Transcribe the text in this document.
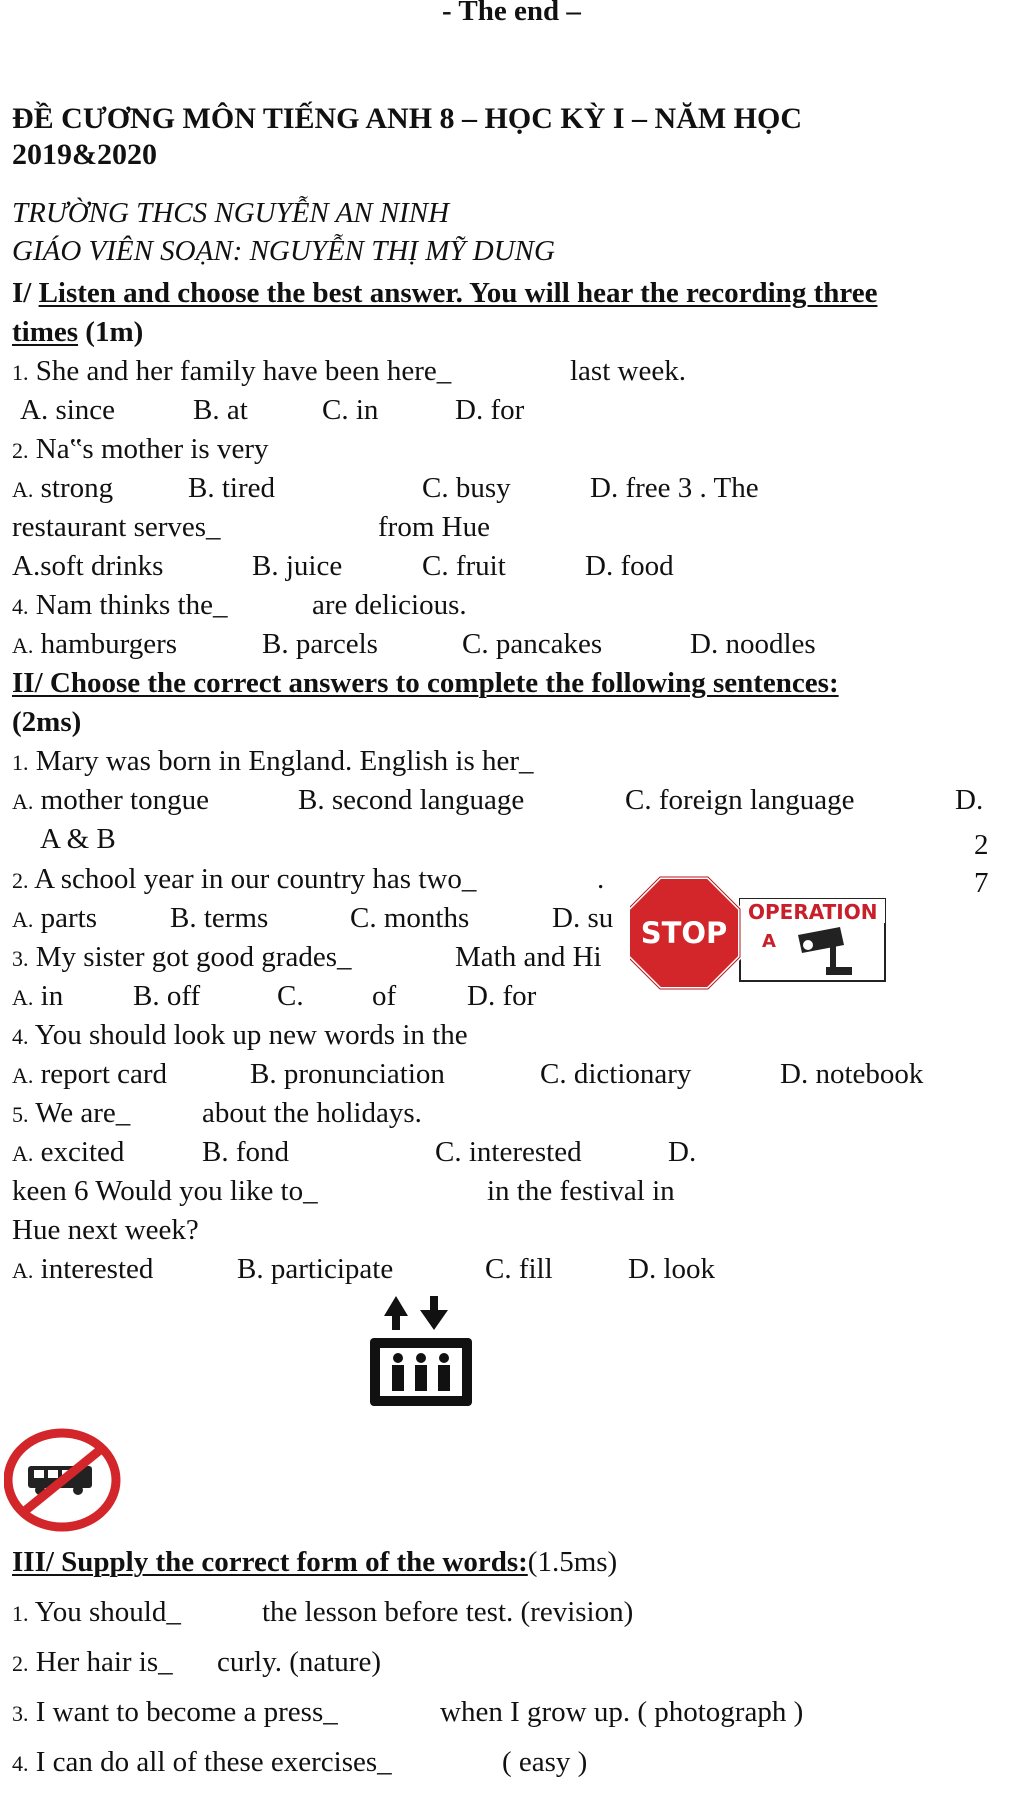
- The end –
ĐỀ CƯƠNG MÔN TIẾNG ANH 8 – HỌC KỲ I – NĂM HỌC
2019&2020
TRƯỜNG THCS NGUYỄN AN NINH
GIÁO VIÊN SOẠN: NGUYỄN THỊ MỸ DUNG
I/ Listen and choose the best answer. You will hear the recording three
times (1m)
1. She and her family have been here_	last week.
A. since	B. at	C. in	D. for
2. Na‟s mother is very
A. strong	B. tired	C. busy	D. free 3 . The
restaurant serves_	from Hue
A.soft drinks	B. juice	C. fruit	D. food
4. Nam thinks the_	are delicious.
A. hamburgers	B. parcels	C. pancakes	D. noodles
II/ Choose the correct answers to complete the following sentences:
(2ms)
1. Mary was born in England. English is her_
A. mother tongue	B. second language	C. foreign language	D.
A & B	2
2. A school year in our country has two_	.	7
A. parts	B. terms	C. months	D. su
3. My sister got good grades_	Math and Hi
A. in B. off	C. of D. for
4. You should look up new words in the
A. report card	B. pronunciation	C. dictionary	D. notebook
5. We are_ about the holidays.
A. excited	B. fond	C. interested	D.
keen 6 Would you like to_	in the festival in
Hue next week?
A. interested	B. participate	C. fill	D. look
OPERATION
A
STOP
III/ Supply the correct form of the words:(1.5ms)
1. You should_	the lesson before test. (revision)
2. Her hair is_ curly. (nature)
3. I want to become a press_	when I grow up. ( photograph )
4. I can do all of these exercises_	( easy )
